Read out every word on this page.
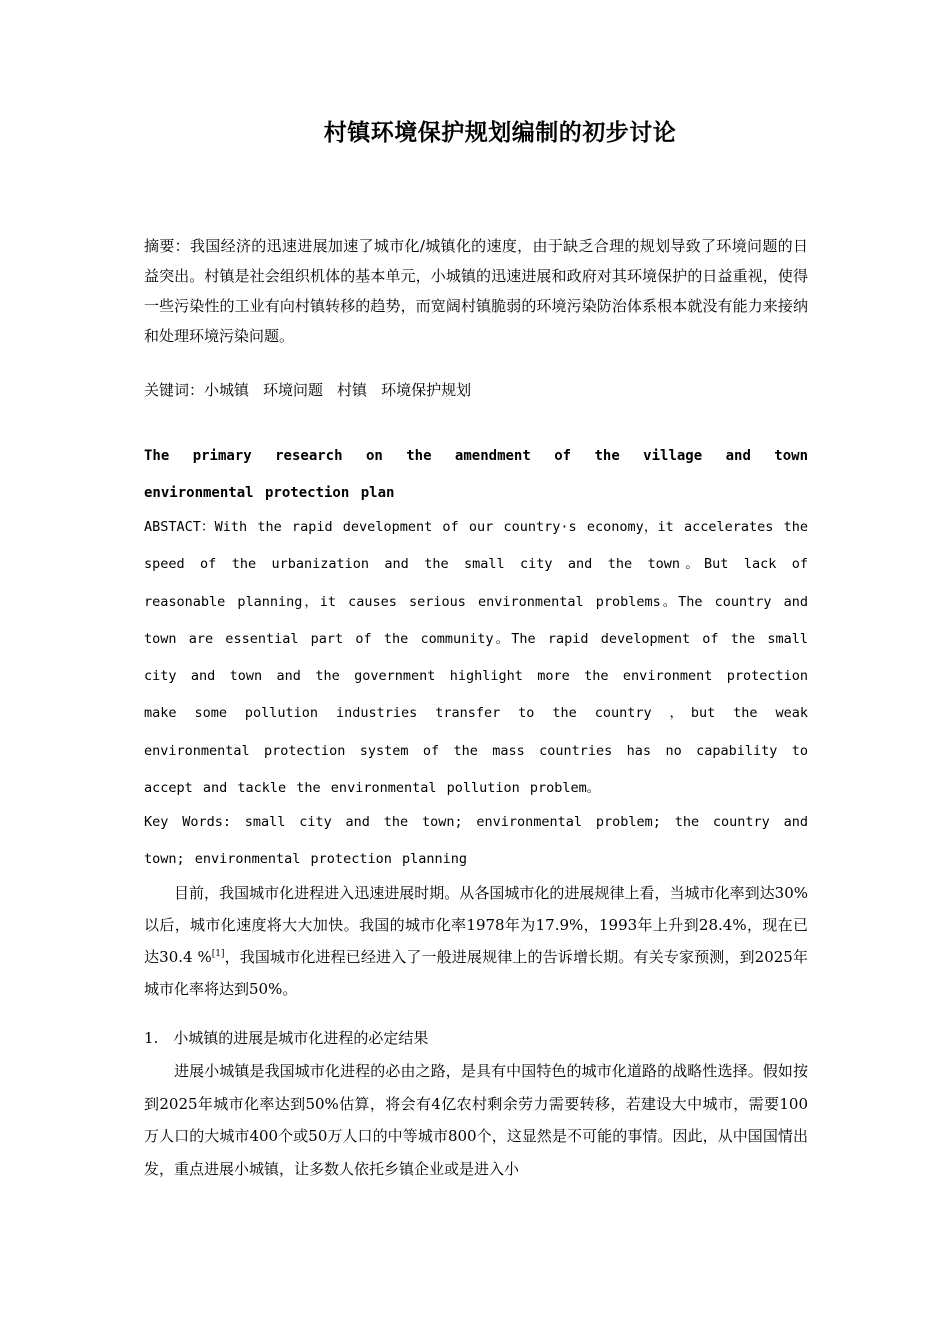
村镇环境保护规划编制的初步讨论
摘要：我国经济的迅速进展加速了城市化/城镇化的速度，由于缺乏合理的规划导致了环境问题的日益突出。村镇是社会组织机体的基本单元，小城镇的迅速进展和政府对其环境保护的日益重视，使得一些污染性的工业有向村镇转移的趋势，而宽阔村镇脆弱的环境污染防治体系根本就没有能力来接纳和处理环境污染问题。
关键词：小城镇 环境问题 村镇 环境保护规划
The primary research on the amendment of the village and town environmental protection plan
ABSTACT：With the rapid development of our country·s economy，it accelerates the speed of the urbanization and the small city and the town。But lack of reasonable planning，it causes serious environmental problems。The country and town are essential part of the community。The rapid development of the small city and town and the government highlight more the environment protection make some pollution industries transfer to the country ，but the weak environmental protection system of the mass countries has no capability to accept and tackle the environmental pollution problem。
Key Words: small city and the town; environmental problem; the country and town; environmental protection planning
目前，我国城市化进程进入迅速进展时期。从各国城市化的进展规律上看，当城市化率到达30%以后，城市化速度将大大加快。我国的城市化率1978年为17.9%，1993年上升到28.4%，现在已达30.4 %[1]，我国城市化进程已经进入了一般进展规律上的告诉增长期。有关专家预测，到2025年城市化率将达到50%。
1.　小城镇的进展是城市化进程的必定结果
进展小城镇是我国城市化进程的必由之路，是具有中国特色的城市化道路的战略性选择。假如按到2025年城市化率达到50%估算，将会有4亿农村剩余劳力需要转移，若建设大中城市，需要100万人口的大城市400个或50万人口的中等城市800个，这显然是不可能的事情。因此，从中国国情出发，重点进展小城镇，让多数人依托乡镇企业或是进入小
